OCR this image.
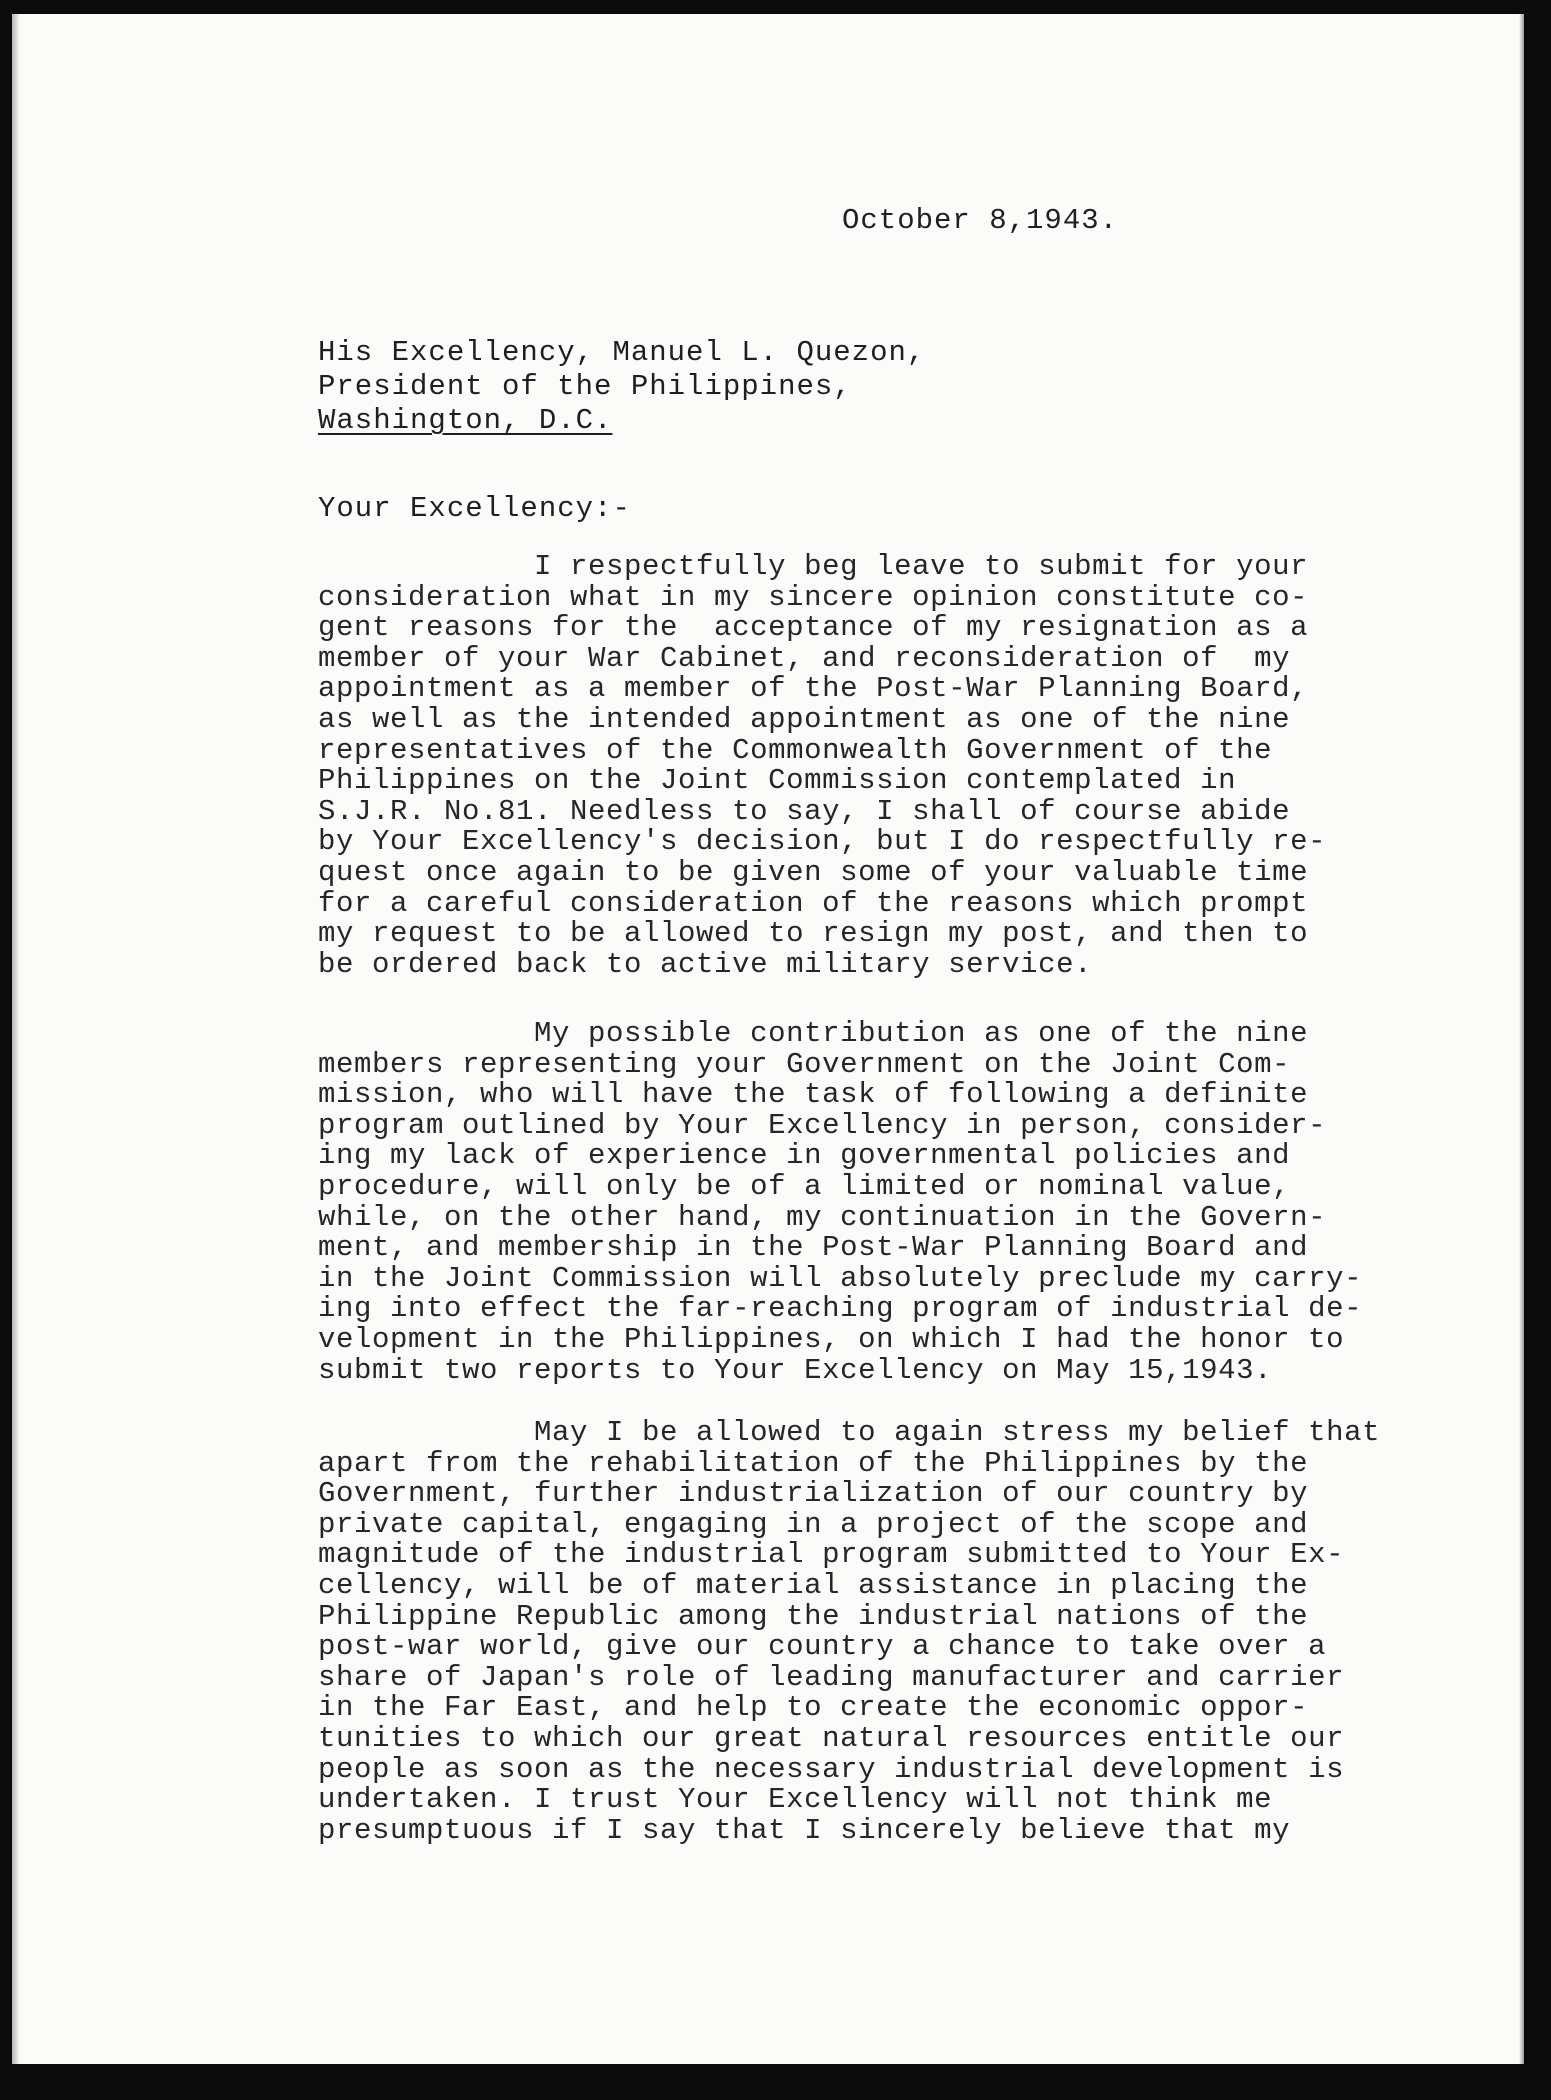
October 8,1943.
His Excellency, Manuel L. Quezon,
President of the Philippines,
Washington, D.C.
Your Excellency:-
I respectfully beg leave to submit for your
consideration what in my sincere opinion constitute co-
gent reasons for the  acceptance of my resignation as a
member of your War Cabinet, and reconsideration of  my
appointment as a member of the Post-War Planning Board,
as well as the intended appointment as one of the nine
representatives of the Commonwealth Government of the
Philippines on the Joint Commission contemplated in
S.J.R. No.81. Needless to say, I shall of course abide
by Your Excellency's decision, but I do respectfully re-
quest once again to be given some of your valuable time
for a careful consideration of the reasons which prompt
my request to be allowed to resign my post, and then to
be ordered back to active military service.
My possible contribution as one of the nine
members representing your Government on the Joint Com-
mission, who will have the task of following a definite
program outlined by Your Excellency in person, consider-
ing my lack of experience in governmental policies and
procedure, will only be of a limited or nominal value,
while, on the other hand, my continuation in the Govern-
ment, and membership in the Post-War Planning Board and
in the Joint Commission will absolutely preclude my carry-
ing into effect the far-reaching program of industrial de-
velopment in the Philippines, on which I had the honor to
submit two reports to Your Excellency on May 15,1943.
May I be allowed to again stress my belief that
apart from the rehabilitation of the Philippines by the
Government, further industrialization of our country by
private capital, engaging in a project of the scope and
magnitude of the industrial program submitted to Your Ex-
cellency, will be of material assistance in placing the
Philippine Republic among the industrial nations of the
post-war world, give our country a chance to take over a
share of Japan's role of leading manufacturer and carrier
in the Far East, and help to create the economic oppor-
tunities to which our great natural resources entitle our
people as soon as the necessary industrial development is
undertaken. I trust Your Excellency will not think me
presumptuous if I say that I sincerely believe that my
